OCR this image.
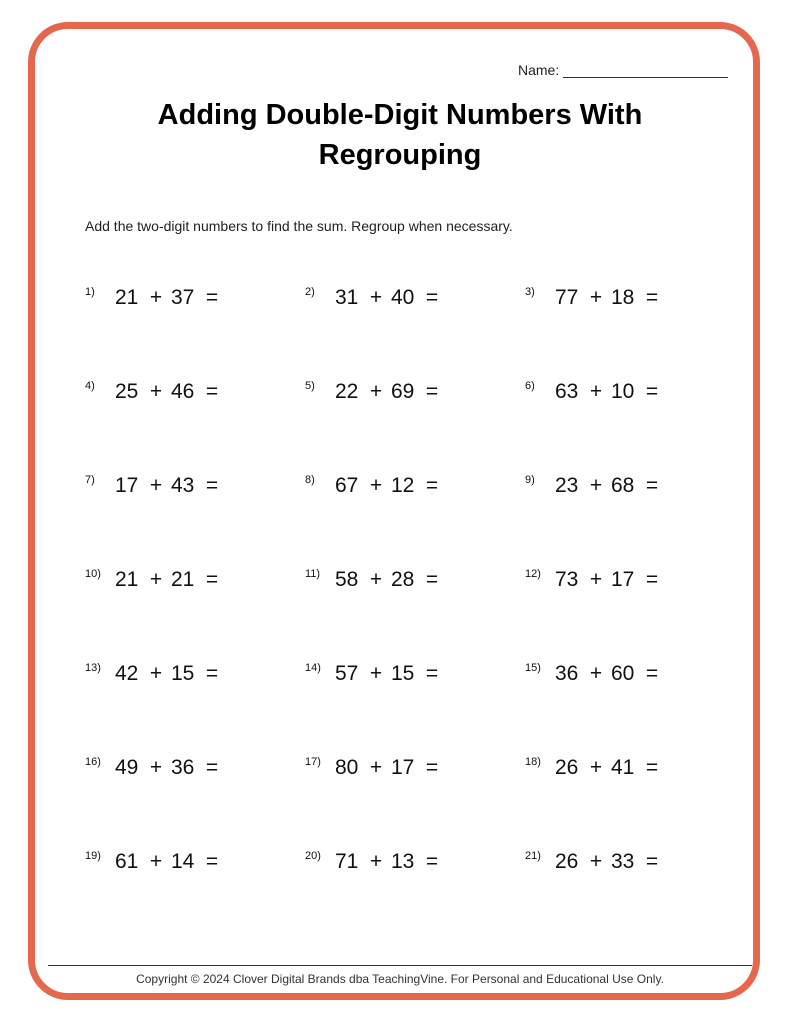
Name:
Adding Double-Digit Numbers With Regrouping
Add the two-digit numbers to find the sum. Regroup when necessary.
1) 21 + 37 =	2) 31 + 40 =	3) 77 + 18 =
4) 25 + 46 =	5) 22 + 69 =	6) 63 + 10 =
7) 17 + 43 =	8) 67 + 12 =	9) 23 + 68 =
10) 21 + 21 =	11) 58 + 28 =	12) 73 + 17 =
13) 42 + 15 =	14) 57 + 15 =	15) 36 + 60 =
16) 49 + 36 =	17) 80 + 17 =	18) 26 + 41 =
19) 61 + 14 =	20) 71 + 13 =	21) 26 + 33 =
Copyright © 2024 Clover Digital Brands dba TeachingVine. For Personal and Educational Use Only.
